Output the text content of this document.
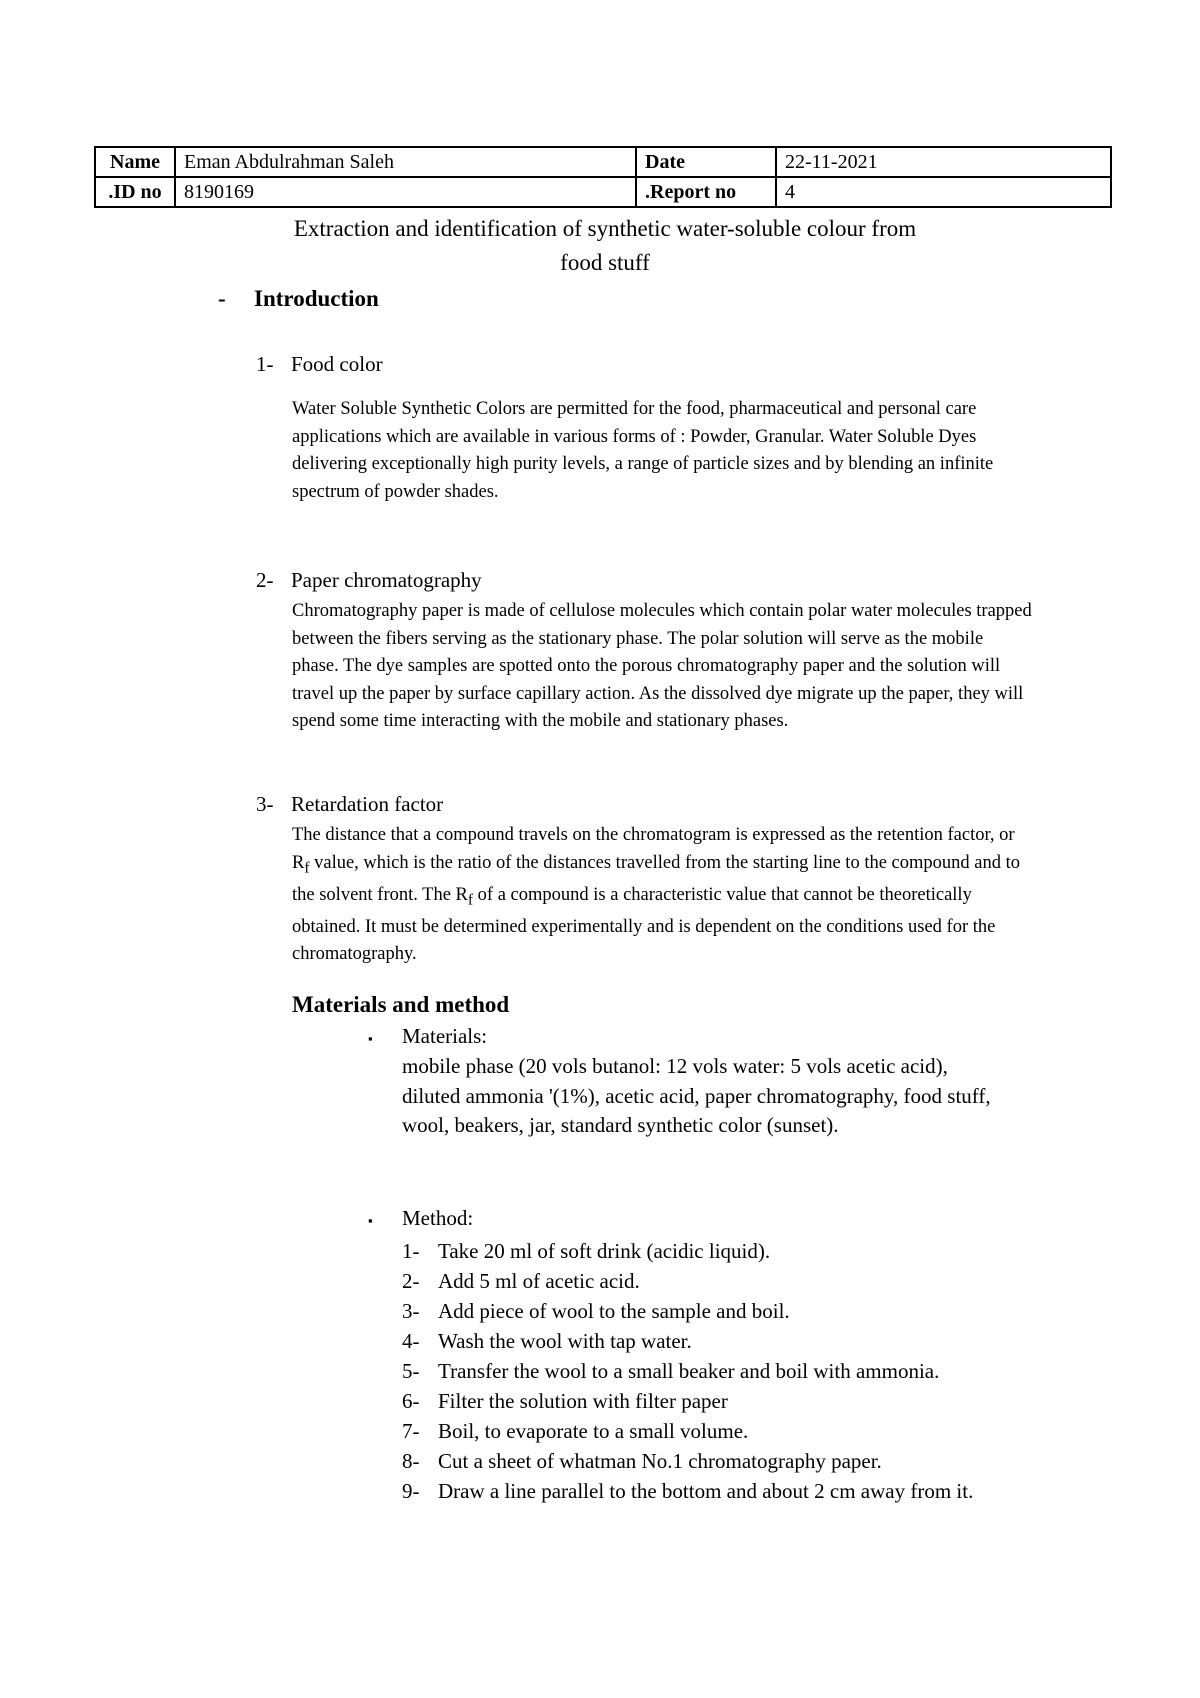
Name	Eman Abdulrahman Saleh	Date	22-11-2021
.ID no	8190169	.Report no	4
Extraction and identification of synthetic water-soluble colour from
food stuff
- Introduction
1- Food color
Water Soluble Synthetic Colors are permitted for the food, pharmaceutical and personal care applications which are available in various forms of : Powder, Granular. Water Soluble Dyes delivering exceptionally high purity levels, a range of particle sizes and by blending an infinite spectrum of powder shades.
2- Paper chromatography
Chromatography paper is made of cellulose molecules which contain polar water molecules trapped between the fibers serving as the stationary phase. The polar solution will serve as the mobile phase. The dye samples are spotted onto the porous chromatography paper and the solution will travel up the paper by surface capillary action. As the dissolved dye migrate up the paper, they will spend some time interacting with the mobile and stationary phases.
3- Retardation factor
The distance that a compound travels on the chromatogram is expressed as the retention factor, or $R_f$ value, which is the ratio of the distances travelled from the starting line to the compound and to the solvent front. The $R_f$ of a compound is a characteristic value that cannot be theoretically obtained. It must be determined experimentally and is dependent on the conditions used for the chromatography.
Materials and method
▪ Materials:
mobile phase (20 vols butanol: 12 vols water: 5 vols acetic acid), diluted ammonia '(1%), acetic acid, paper chromatography, food stuff, wool, beakers, jar, standard synthetic color (sunset).
▪ Method:
1- Take 20 ml of soft drink (acidic liquid).
2- Add 5 ml of acetic acid.
3- Add piece of wool to the sample and boil.
4- Wash the wool with tap water.
5- Transfer the wool to a small beaker and boil with ammonia.
6- Filter the solution with filter paper
7- Boil, to evaporate to a small volume.
8- Cut a sheet of whatman No.1 chromatography paper.
9- Draw a line parallel to the bottom and about 2 cm away from it.
